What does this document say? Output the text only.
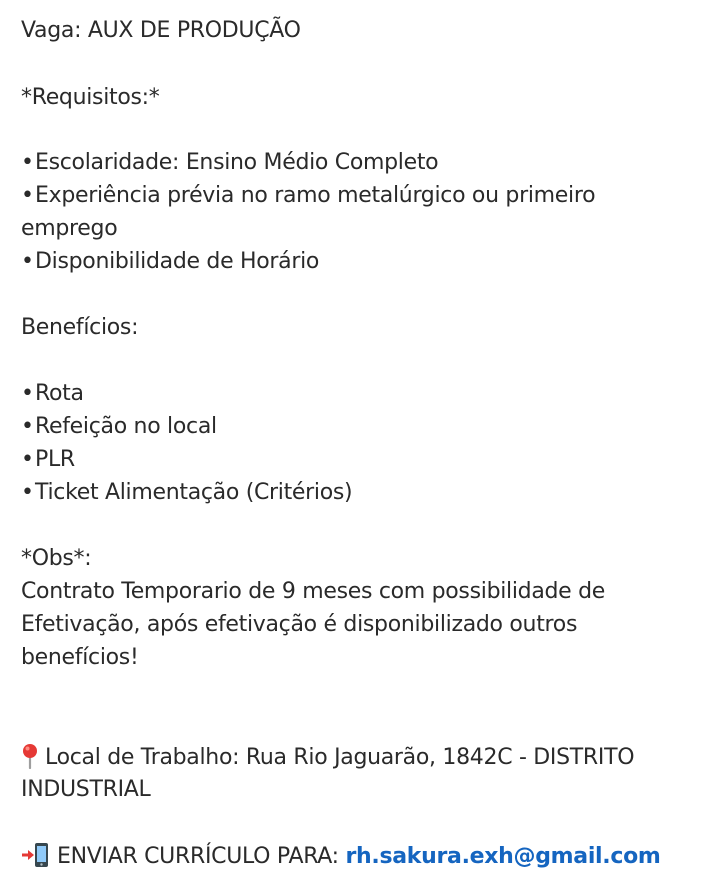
Vaga: AUX DE PRODUÇÃO
*Requisitos:*
•Escolaridade: Ensino Médio Completo
•Experiência prévia no ramo metalúrgico ou primeiro
emprego
•Disponibilidade de Horário
Benefícios:
•Rota
•Refeição no local
•PLR
•Ticket Alimentação (Critérios)
*Obs*:
Contrato Temporario de 9 meses com possibilidade de
Efetivação, após efetivação é disponibilizado outros
benefícios!
Local de Trabalho: Rua Rio Jaguarão, 1842C - DISTRITO
INDUSTRIAL
ENVIAR CURRÍCULO PARA: rh.sakura.exh@gmail.com
